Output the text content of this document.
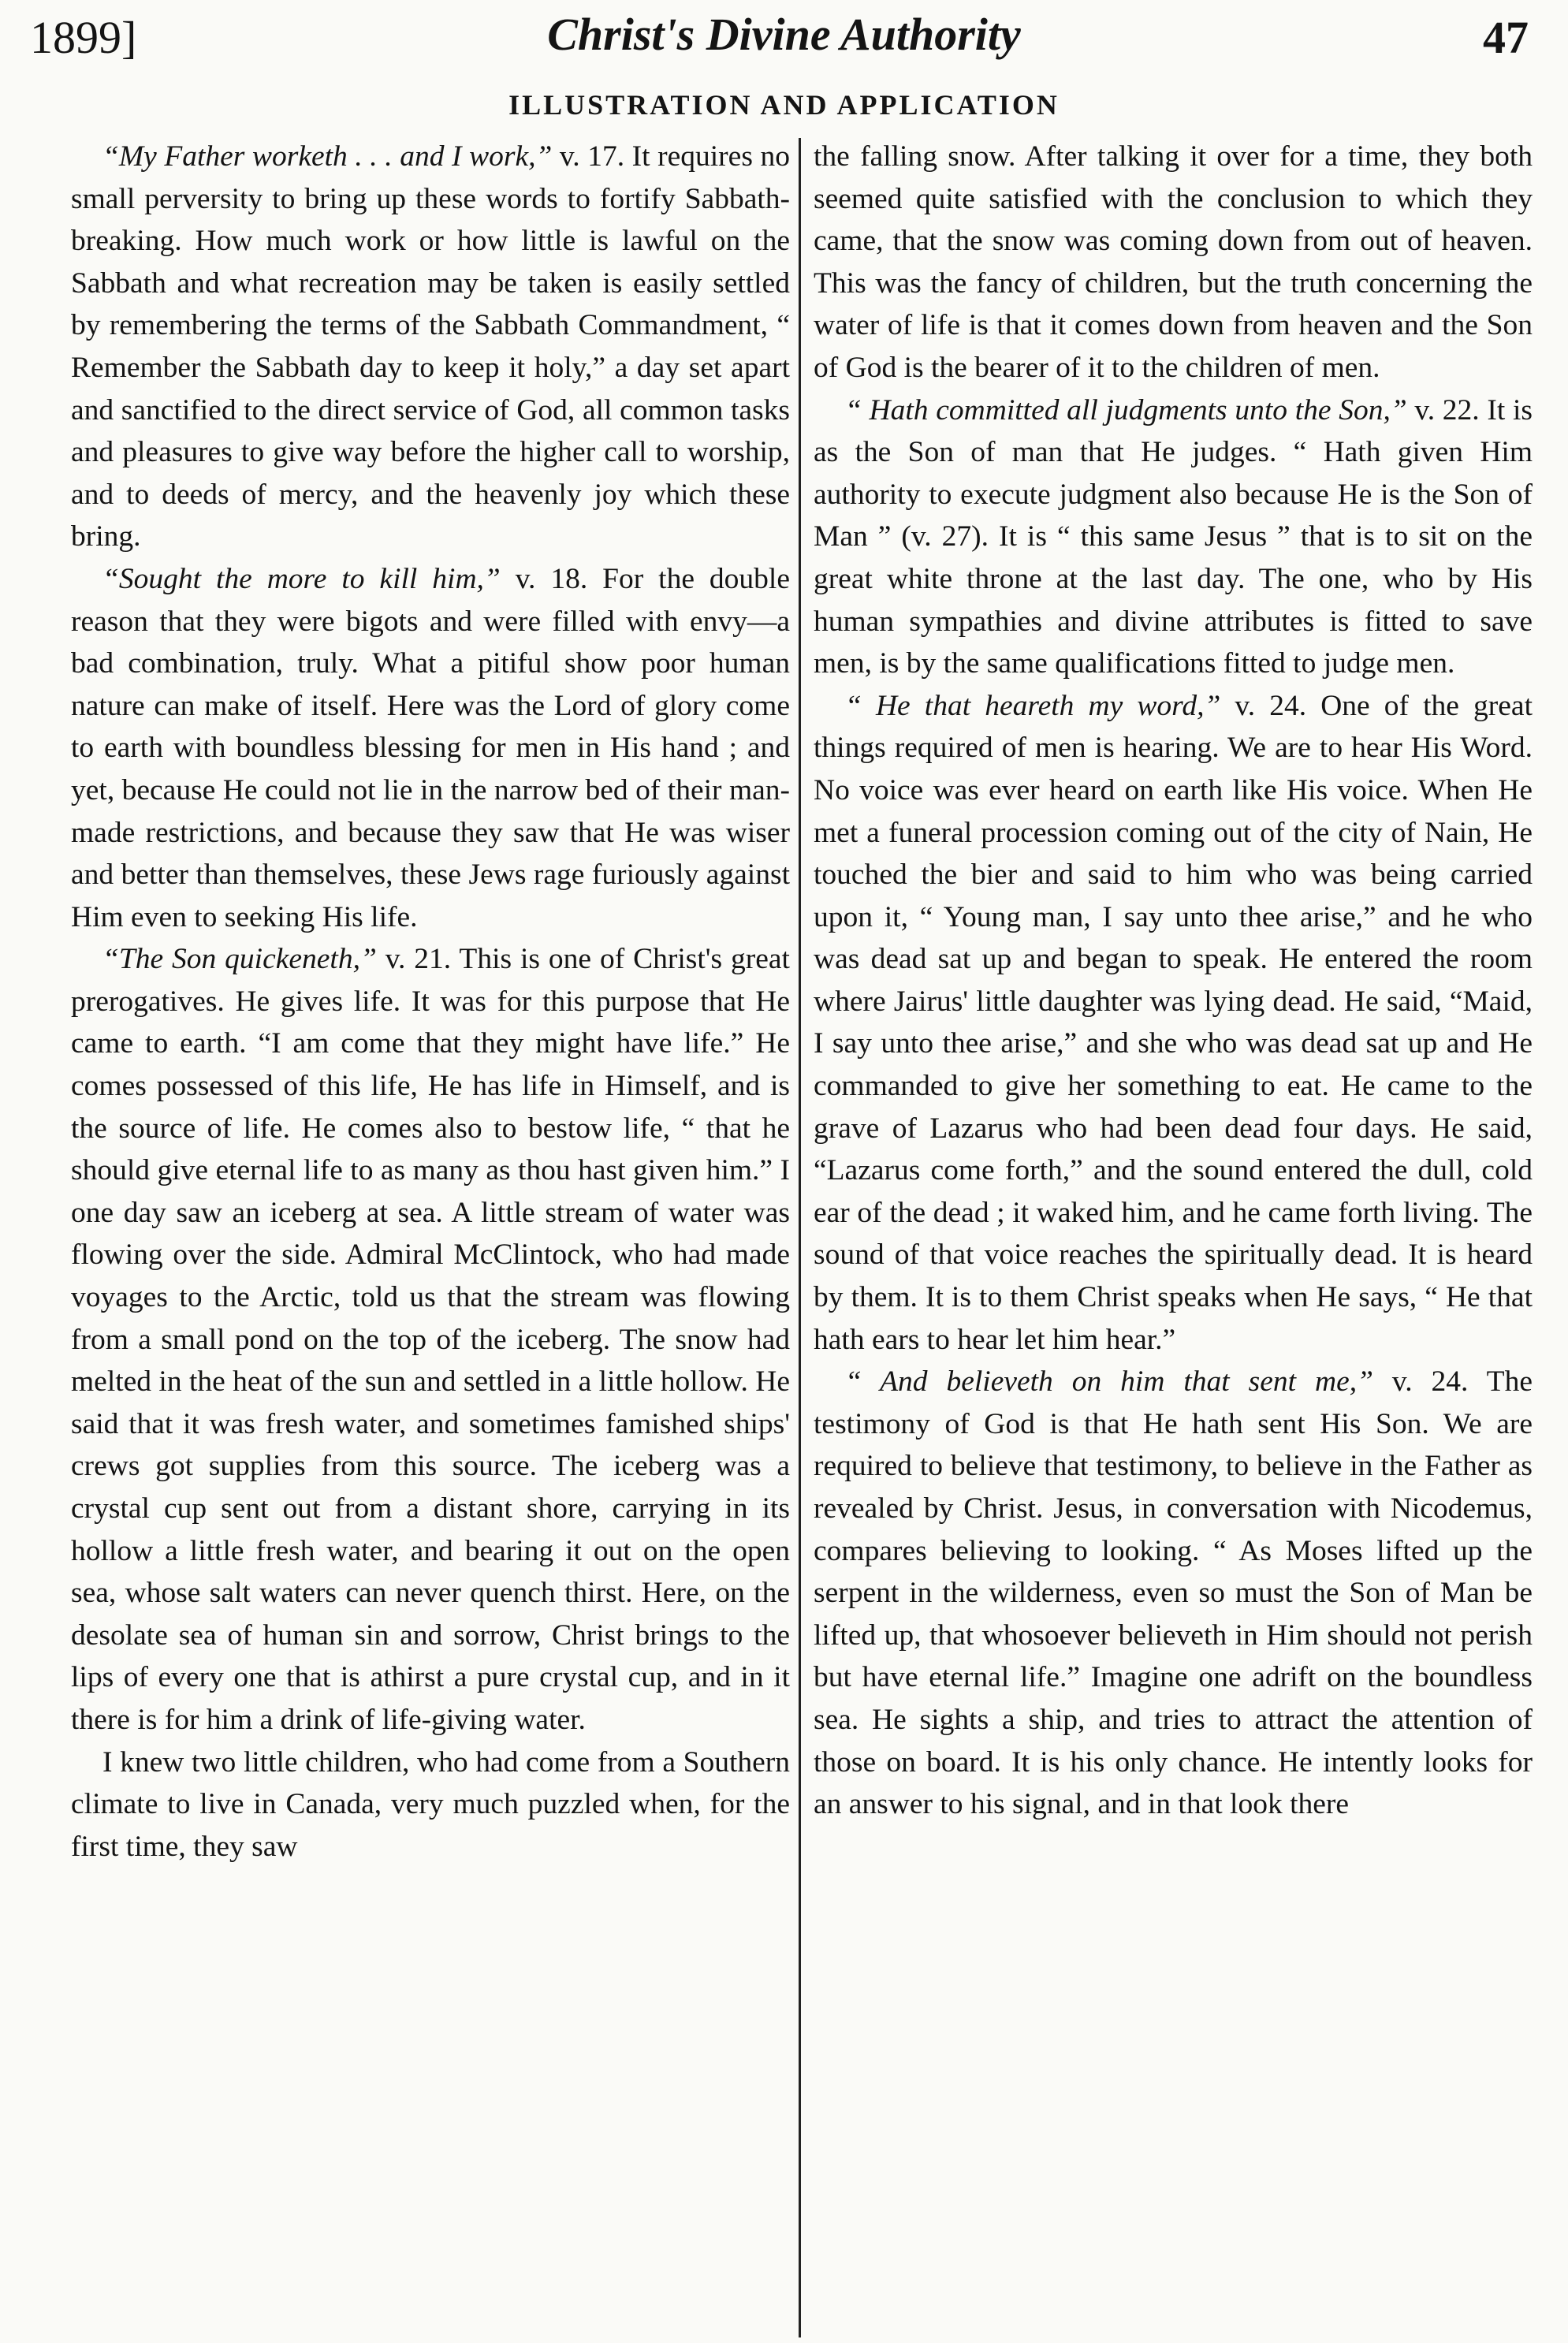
1899]	Christ's Divine Authority	47
ILLUSTRATION AND APPLICATION

“My Father worketh . . . and I work,” v. 17. It requires no small perversity to bring up these words to fortify Sabbath-breaking. How much work or how little is lawful on the Sabbath and what recreation may be taken is easily settled by remembering the terms of the Sabbath Commandment, “ Remember the Sabbath day to keep it holy,” a day set apart and sanctified to the direct service of God, all common tasks and pleasures to give way before the higher call to worship, and to deeds of mercy, and the heavenly joy which these bring.

“Sought the more to kill him,” v. 18. For the double reason that they were bigots and were filled with envy—a bad combination, truly. What a pitiful show poor human nature can make of itself. Here was the Lord of glory come to earth with boundless blessing for men in His hand ; and yet, because He could not lie in the narrow bed of their man-made restrictions, and because they saw that He was wiser and better than themselves, these Jews rage furiously against Him even to seeking His life.

“The Son quickeneth,” v. 21. This is one of Christ's great prerogatives. He gives life. It was for this purpose that He came to earth. “I am come that they might have life.” He comes possessed of this life, He has life in Himself, and is the source of life. He comes also to bestow life, “ that he should give eternal life to as many as thou hast given him.” I one day saw an iceberg at sea. A little stream of water was flowing over the side. Admiral McClintock, who had made voyages to the Arctic, told us that the stream was flowing from a small pond on the top of the iceberg. The snow had melted in the heat of the sun and settled in a little hollow. He said that it was fresh water, and sometimes famished ships' crews got supplies from this source. The iceberg was a crystal cup sent out from a distant shore, carrying in its hollow a little fresh water, and bearing it out on the open sea, whose salt waters can never quench thirst. Here, on the desolate sea of human sin and sorrow, Christ brings to the lips of every one that is athirst a pure crystal cup, and in it there is for him a drink of life-giving water.

I knew two little children, who had come from a Southern climate to live in Canada, very much puzzled when, for the first time, they saw

the falling snow. After talking it over for a time, they both seemed quite satisfied with the conclusion to which they came, that the snow was coming down from out of heaven. This was the fancy of children, but the truth concerning the water of life is that it comes down from heaven and the Son of God is the bearer of it to the children of men.

“ Hath committed all judgments unto the Son,” v. 22. It is as the Son of man that He judges. “ Hath given Him authority to execute judgment also because He is the Son of Man ” (v. 27). It is “ this same Jesus ” that is to sit on the great white throne at the last day. The one, who by His human sympathies and divine attributes is fitted to save men, is by the same qualifications fitted to judge men.

“ He that heareth my word,” v. 24. One of the great things required of men is hearing. We are to hear His Word. No voice was ever heard on earth like His voice. When He met a funeral procession coming out of the city of Nain, He touched the bier and said to him who was being carried upon it, “ Young man, I say unto thee arise,” and he who was dead sat up and began to speak. He entered the room where Jairus' little daughter was lying dead. He said, “Maid, I say unto thee arise,” and she who was dead sat up and He commanded to give her something to eat. He came to the grave of Lazarus who had been dead four days. He said, “Lazarus come forth,” and the sound entered the dull, cold ear of the dead ; it waked him, and he came forth living. The sound of that voice reaches the spiritually dead. It is heard by them. It is to them Christ speaks when He says, “ He that hath ears to hear let him hear.”

“ And believeth on him that sent me,” v. 24. The testimony of God is that He hath sent His Son. We are required to believe that testimony, to believe in the Father as revealed by Christ. Jesus, in conversation with Nicodemus, compares believing to looking. “ As Moses lifted up the serpent in the wilderness, even so must the Son of Man be lifted up, that whosoever believeth in Him should not perish but have eternal life.” Imagine one adrift on the boundless sea. He sights a ship, and tries to attract the attention of those on board. It is his only chance. He intently looks for an answer to his signal, and in that look there
